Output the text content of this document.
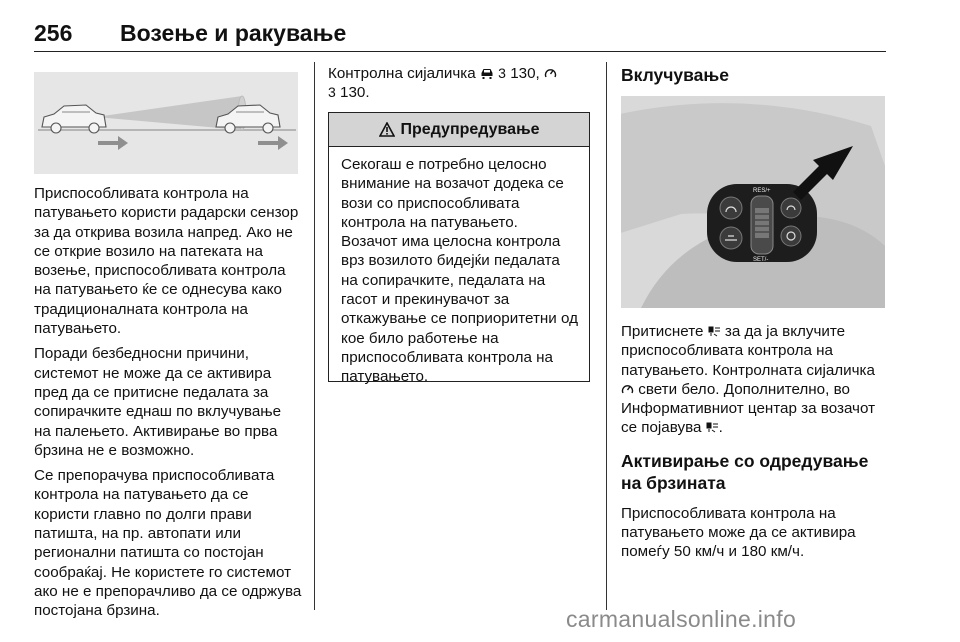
256 Возење и ракување

Приспособливата контрола на патувањето користи радарски сензор за да открива возила напред. Ако не се открие возило на патеката на возење, приспособливата контрола на патувањето ќе се однесува како традиционалната контрола на патувањето.

Поради безбедносни причини, системот не може да се активира пред да се притисне педалата за сопирачките еднаш по вклучување на палењето. Активирање во прва брзина не е возможно.

Се препорачува приспособливата контрола на патувањето да се користи главно по долги прави патишта, на пр. автопати или регионални патишта со постојан сообраќај. Не користете го системот ако не е препорачливо да се одржува постојана брзина.

Контролна сијаличка 3 130,
3 130.

Предупредување

Секогаш е потребно целосно внимание на возачот додека се вози со приспособливата контрола на патувањето.

Возачот има целосна контрола врз возилото бидејќи педалата на сопирачките, педалата на гасот и прекинувачот за откажување се поприоритетни од кое било работење на приспособливата контрола на патувањето.

Вклучување
RES/+
SET/-

Притиснете за да ја вклучите приспособливата контрола на патувањето. Контролната сијаличка  свети бело. Дополнително, во Информативниот центар за возачот се појавува .

Активирање со одредување на брзината

Приспособливата контрола на патувањето може да се активира помеѓу 50 км/ч и 180 км/ч.

carmanualsonline.info
